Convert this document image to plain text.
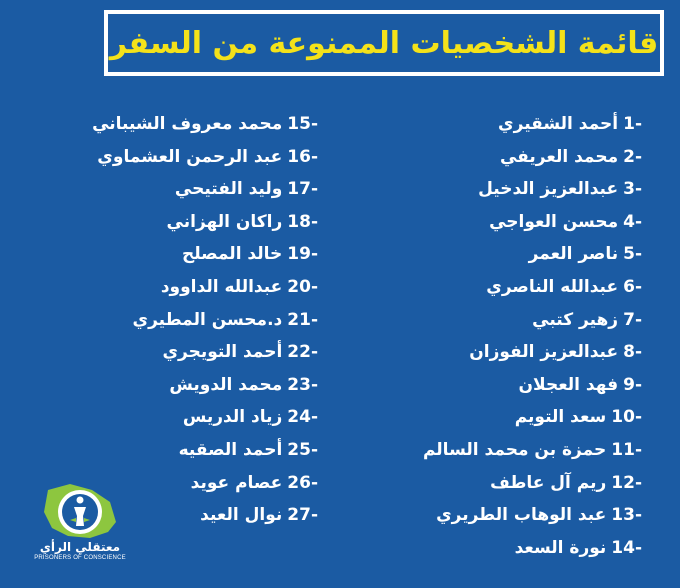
قائمة الشخصيات الممنوعة من السفر
1-
أحمد الشقيري
2-
محمد العريفي
3-
عبدالعزيز الدخيل
4-
محسن العواجي
5-
ناصر العمر
6-
عبدالله الناصري
7-
زهير كتبي
8-
عبدالعزيز الفوزان
9-
فهد العجلان
10-
سعد التويم
11-
حمزة بن محمد السالم
12-
ريم آل عاطف
13-
عبد الوهاب الطريري
14-
نورة السعد
15-
محمد معروف الشيباني
16-
عبد الرحمن العشماوي
17-
وليد الفتيحي
18-
راكان الهزاني
19-
خالد المصلح
20-
عبدالله الداوود
21-
د.محسن المطيري
22-
أحمد التويجري
23-
محمد الدويش
24-
زياد الدريس
25-
أحمد الصقيه
26-
عصام عويد
27-
نوال العيد
معتقلي الرأي
PRISONERS OF CONSCIENCE
